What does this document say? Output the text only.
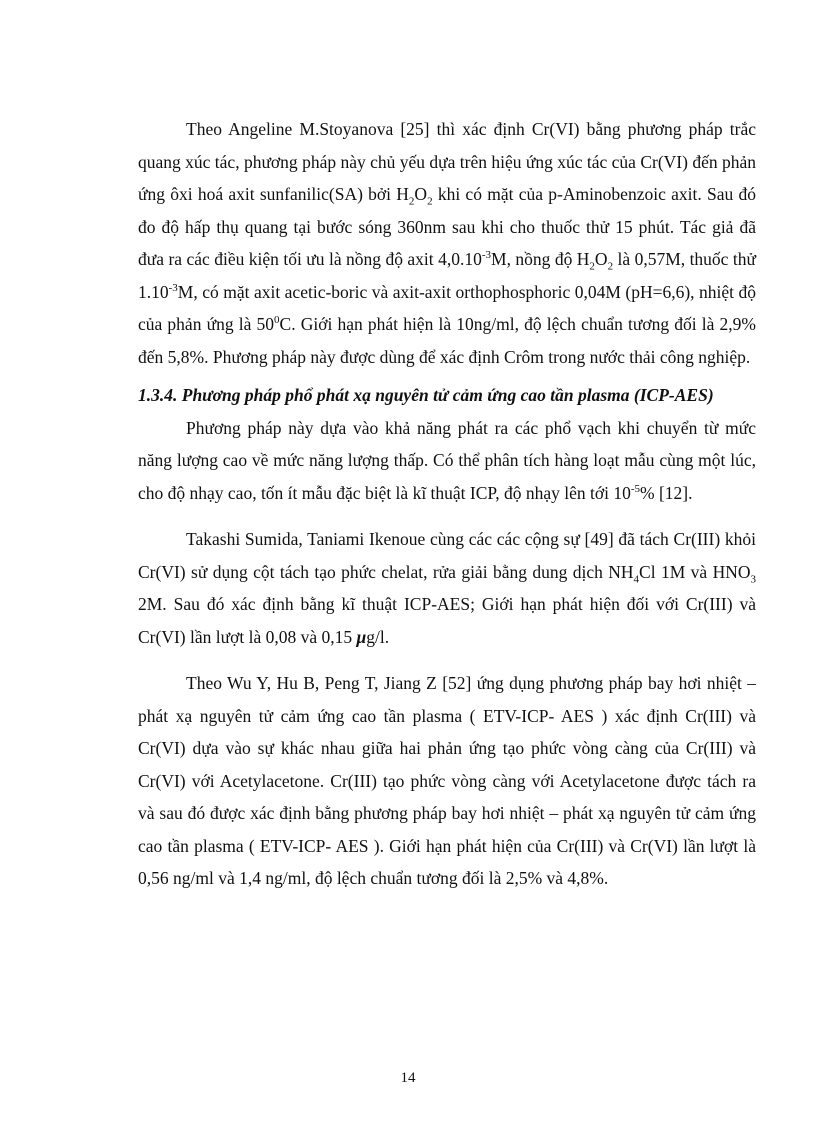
Theo Angeline M.Stoyanova [25] thì xác định Cr(VI) bằng phương pháp trắc quang xúc tác, phương pháp này chủ yếu dựa trên hiệu ứng xúc tác của Cr(VI) đến phản ứng ôxi hoá axit sunfanilic(SA) bởi $H_2O_2$ khi có mặt của p-Aminobenzoic axit. Sau đó đo độ hấp thụ quang tại bước sóng 360nm sau khi cho thuốc thử 15 phút. Tác giả đã đưa ra các điều kiện tối ưu là nồng độ axit $4,0.10^{-3}M$, nồng độ $H_2O_2$ là 0,57M, thuốc thử $1.10^{-3}M$, có mặt axit acetic-boric và axit-axit orthophosphoric 0,04M (pH=6,6), nhiệt độ của phản ứng là $50^0C$. Giới hạn phát hiện là 10ng/ml, độ lệch chuẩn tương đối là 2,9% đến 5,8%. Phương pháp này được dùng để xác định Crôm trong nước thải công nghiệp.

1.3.4. Phương pháp phổ phát xạ nguyên tử cảm ứng cao tần plasma (ICP-AES)

Phương pháp này dựa vào khả năng phát ra các phổ vạch khi chuyển từ mức năng lượng cao về mức năng lượng thấp. Có thể phân tích hàng loạt mẫu cùng một lúc, cho độ nhạy cao, tốn ít mẫu đặc biệt là kĩ thuật ICP, độ nhạy lên tới $10^{-5}\%$ [12].

Takashi Sumida, Taniami Ikenoue cùng các các cộng sự [49] đã tách Cr(III) khỏi Cr(VI) sử dụng cột tách tạo phức chelat, rửa giải bằng dung dịch $NH_4Cl$ 1M và $HNO_3$ 2M. Sau đó xác định bằng kĩ thuật ICP-AES; Giới hạn phát hiện đối với Cr(III) và Cr(VI) lần lượt là 0,08 và 0,15 μg/l.

Theo Wu Y, Hu B, Peng T, Jiang Z [52] ứng dụng phương pháp bay hơi nhiệt – phát xạ nguyên tử cảm ứng cao tần plasma ( ETV-ICP- AES ) xác định Cr(III) và Cr(VI) dựa vào sự khác nhau giữa hai phản ứng tạo phức vòng càng của Cr(III) và Cr(VI) với Acetylacetone. Cr(III) tạo phức vòng càng với Acetylacetone được tách ra và sau đó được xác định bằng phương pháp bay hơi nhiệt – phát xạ nguyên tử cảm ứng cao tần plasma ( ETV-ICP- AES ). Giới hạn phát hiện của Cr(III) và Cr(VI) lần lượt là 0,56 ng/ml và 1,4 ng/ml, độ lệch chuẩn tương đối là 2,5% và 4,8%.

14
